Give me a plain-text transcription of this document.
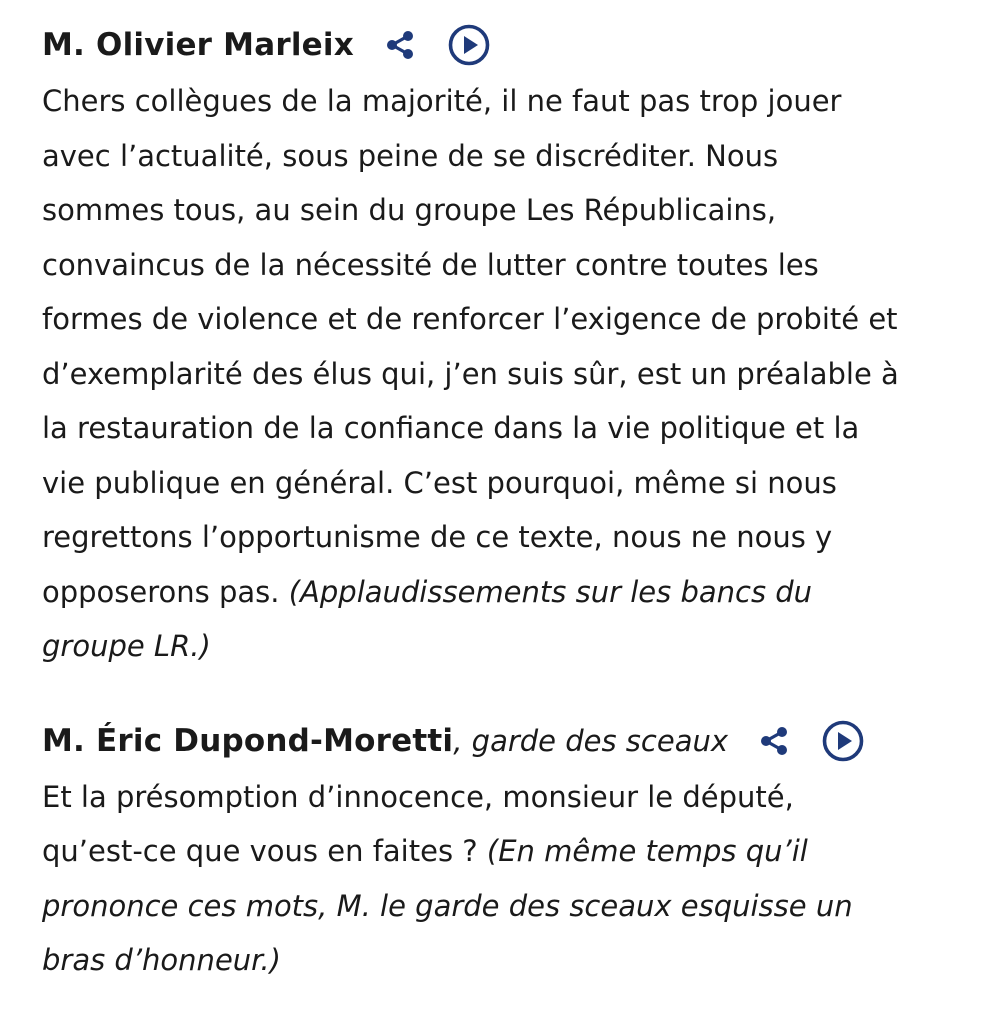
M. Olivier Marleix

Chers collègues de la majorité, il ne faut pas trop jouer
avec l’actualité, sous peine de se discréditer. Nous
sommes tous, au sein du groupe Les Républicains,
convaincus de la nécessité de lutter contre toutes les
formes de violence et de renforcer l’exigence de probité et
d’exemplarité des élus qui, j’en suis sûr, est un préalable à
la restauration de la confiance dans la vie politique et la
vie publique en général. C’est pourquoi, même si nous
regrettons l’opportunisme de ce texte, nous ne nous y
opposerons pas. (Applaudissements sur les bancs du
groupe LR.)

M. Éric Dupond-Moretti , garde des sceaux

Et la présomption d’innocence, monsieur le député,
qu’est-ce que vous en faites ? (En même temps qu’il
prononce ces mots, M. le garde des sceaux esquisse un
bras d’honneur.)
